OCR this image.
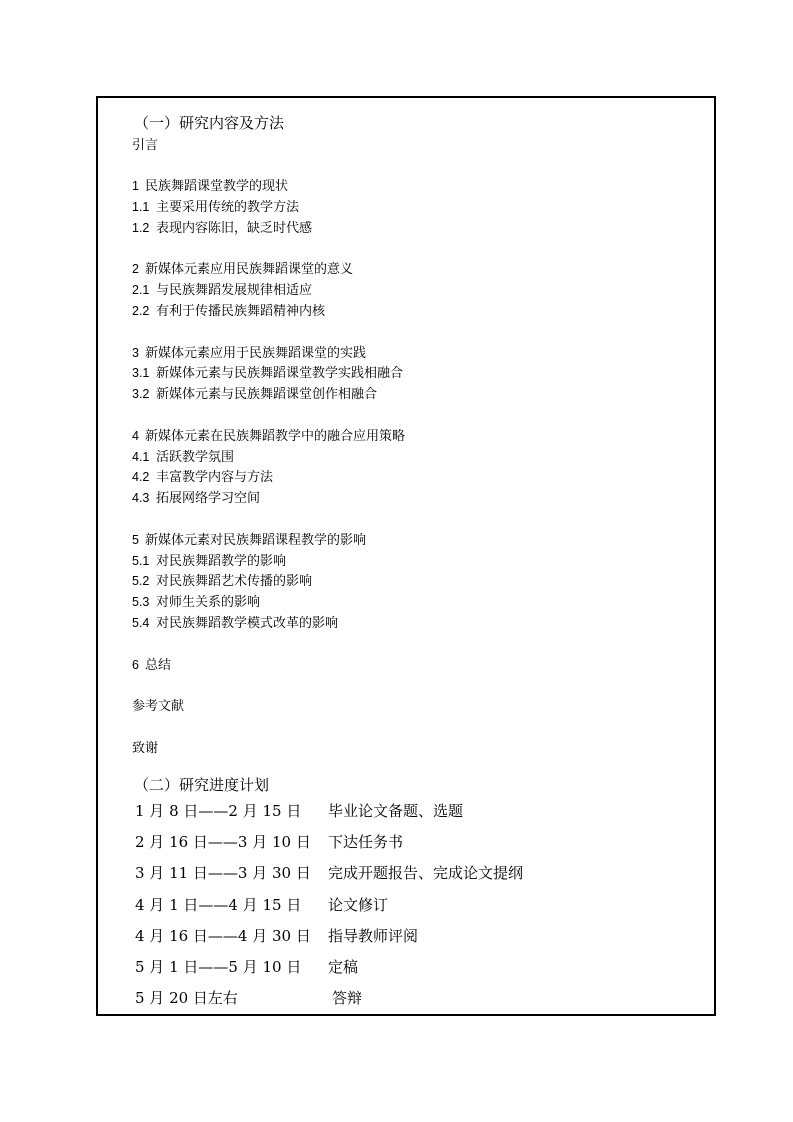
（一）研究内容及方法
引言
1 民族舞蹈课堂教学的现状
1.1 主要采用传统的教学方法
1.2 表现内容陈旧，缺乏时代感
2 新媒体元素应用民族舞蹈课堂的意义
2.1 与民族舞蹈发展规律相适应
2.2 有利于传播民族舞蹈精神内核
3 新媒体元素应用于民族舞蹈课堂的实践
3.1 新媒体元素与民族舞蹈课堂教学实践相融合
3.2 新媒体元素与民族舞蹈课堂创作相融合
4 新媒体元素在民族舞蹈教学中的融合应用策略
4.1 活跃教学氛围
4.2 丰富教学内容与方法
4.3 拓展网络学习空间
5 新媒体元素对民族舞蹈课程教学的影响
5.1 对民族舞蹈教学的影响
5.2 对民族舞蹈艺术传播的影响
5.3 对师生关系的影响
5.4 对民族舞蹈教学模式改革的影响
6 总结
参考文献
致谢
（二）研究进度计划
1 月 8 日——2 月 15 日 毕业论文备题、选题
2 月 16 日——3 月 10 日 下达任务书
3 月 11 日——3 月 30 日 完成开题报告、完成论文提纲
4 月 1 日——4 月 15 日 论文修订
4 月 16 日——4 月 30 日 指导教师评阅
5 月 1 日——5 月 10 日 定稿
5 月 20 日左右	答辩
